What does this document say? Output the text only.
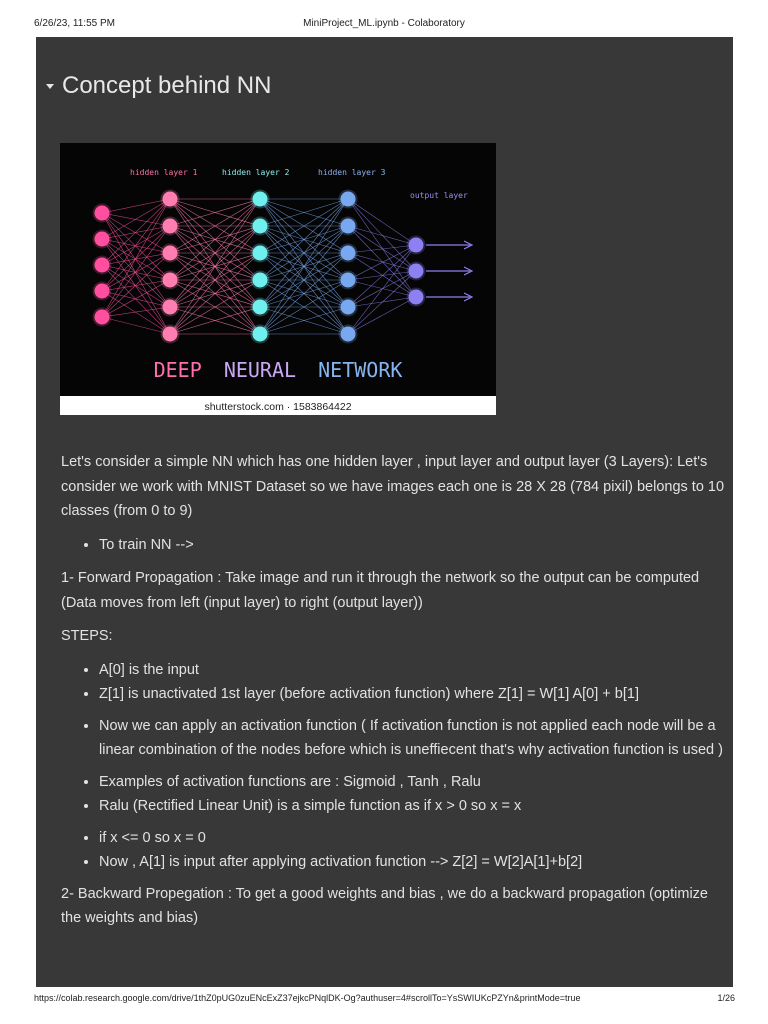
6/26/23, 11:55 PM	MiniProject_ML.ipynb - Colaboratory
Concept behind NN
hidden layer 1	hidden layer 2	hidden layer 3
output layer
DEEP NEURAL NETWORK
shutterstock.com · 1583864422

Let's consider a simple NN which has one hidden layer , input layer and output layer (3 Layers): Let's consider we work with MNIST Dataset so we have images each one is 28 X 28 (784 pixil) belongs to 10 classes (from 0 to 9)

• To train NN -->

1- Forward Propagation : Take image and run it through the network so the output can be computed (Data moves from left (input layer) to right (output layer))

STEPS:

• A[0] is the input
• Z[1] is unactivated 1st layer (before activation function) where Z[1] = W[1] A[0] + b[1]
• Now we can apply an activation function ( If activation function is not applied each node will be a linear combination of the nodes before which is uneffiecent that's why activation function is used )
• Examples of activation functions are : Sigmoid , Tanh , Ralu
• Ralu (Rectified Linear Unit) is a simple function as if x > 0 so x = x
• if x <= 0 so x = 0
• Now , A[1] is input after applying activation function --> Z[2] = W[2]A[1]+b[2]

2- Backward Propegation : To get a good weights and bias , we do a backward propagation (optimize the weights and bias)

https://colab.research.google.com/drive/1thZ0pUG0zuENcExZ37ejkcPNqlDK-Og?authuser=4#scrollTo=YsSWIUKcPZYn&printMode=true	1/26
